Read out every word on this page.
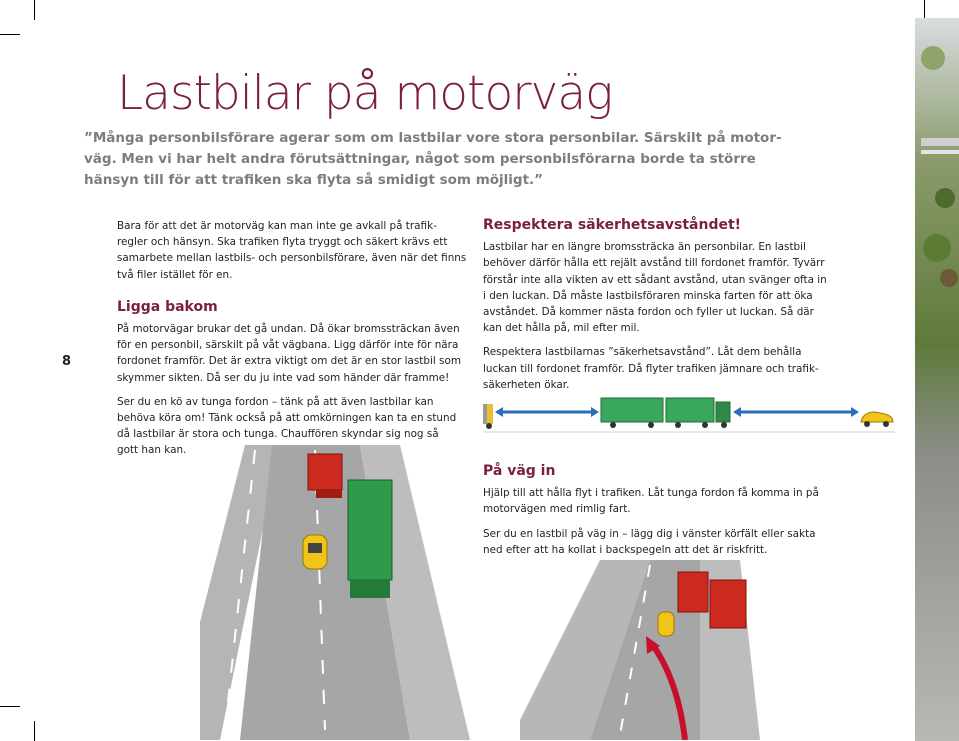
Lastbilar på motorväg

”Många personbilsförare agerar som om lastbilar vore stora personbilar. Särskilt på motor-

väg. Men vi har helt andra förutsättningar, något som personbilsförarna borde ta större

hänsyn till för att trafiken ska flyta så smidigt som möjligt.”

8

Bara för att det är motorväg kan man inte ge avkall på trafik-

regler och hänsyn. Ska trafiken flyta tryggt och säkert krävs ett

samarbete mellan lastbils- och personbilsförare, även när det finns

två filer istället för en.

Ligga bakom

På motorvägar brukar det gå undan. Då ökar bromssträckan även

för en personbil, särskilt på våt vägbana. Ligg därför inte för nära

fordonet framför. Det är extra viktigt om det är en stor lastbil som

skymmer sikten. Då ser du ju inte vad som händer där framme!

Ser du en kö av tunga fordon – tänk på att även lastbilar kan

behöva köra om! Tänk också på att omkörningen kan ta en stund

då lastbilar är stora och tunga. Chauffören skyndar sig nog så

gott han kan.

Respektera säkerhetsavståndet!

Lastbilar har en längre bromssträcka än personbilar. En lastbil

behöver därför hålla ett rejält avstånd till fordonet framför. Tyvärr

förstår inte alla vikten av ett sådant avstånd, utan svänger ofta in

i den luckan. Då måste lastbilsföraren minska farten för att öka

avståndet. Då kommer nästa fordon och fyller ut luckan. Så där

kan det hålla på, mil efter mil.

Respektera lastbilarnas ”säkerhetsavstånd”. Låt dem behålla

luckan till fordonet framför. Då flyter trafiken jämnare och trafik-

säkerheten ökar.

På väg in

Hjälp till att hålla flyt i trafiken. Låt tunga fordon få komma in på

motorvägen med rimlig fart.

Ser du en lastbil på väg in – lägg dig i vänster körfält eller sakta

ned efter att ha kollat i backspegeln att det är riskfritt.
